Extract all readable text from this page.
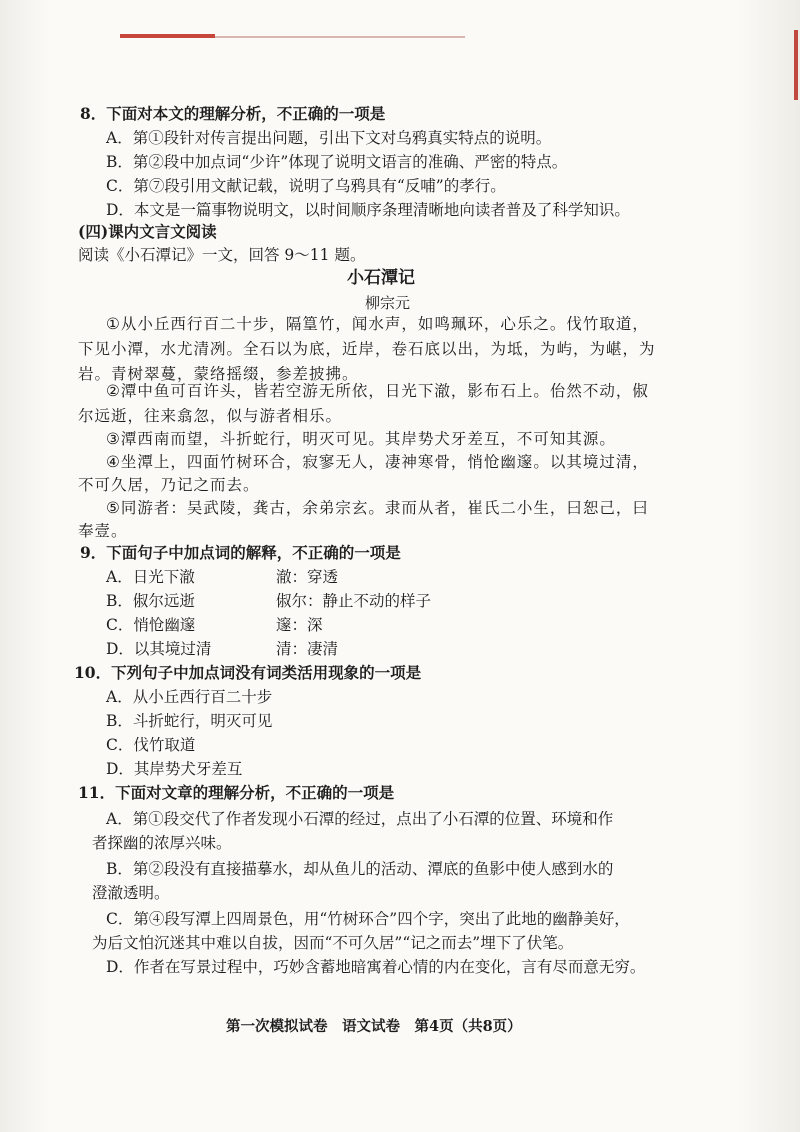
8．下面对本文的理解分析，不正确的一项是
A．第①段针对传言提出问题，引出下文对乌鸦真实特点的说明。
B．第②段中加点词“少许”体现了说明文语言的准确、严密的特点。
C．第⑦段引用文献记载，说明了乌鸦具有“反哺”的孝行。
D．本文是一篇事物说明文，以时间顺序条理清晰地向读者普及了科学知识。
(四)课内文言文阅读
阅读《小石潭记》一文，回答 9～11 题。
小石潭记
柳宗元
①从小丘西行百二十步，隔篁竹，闻水声，如鸣珮环，心乐之。伐竹取道，
下见小潭，水尤清冽。全石以为底，近岸，卷石底以出，为坻，为屿，为嵁，为
岩。青树翠蔓，蒙络摇缀，参差披拂。
②潭中鱼可百许头，皆若空游无所依，日光下澈，影布石上。佁然不动，俶
尔远逝，往来翕忽，似与游者相乐。
③潭西南而望，斗折蛇行，明灭可见。其岸势犬牙差互，不可知其源。
④坐潭上，四面竹树环合，寂寥无人，凄神寒骨，悄怆幽邃。以其境过清，
不可久居，乃记之而去。
⑤同游者：吴武陵，龚古，余弟宗玄。隶而从者，崔氏二小生，曰恕己，曰
奉壹。
9．下面句子中加点词的解释，不正确的一项是
A．日光下澈	澈：穿透
B．俶尔远逝	俶尔：静止不动的样子
C．悄怆幽邃	邃：深
D．以其境过清	清：凄清
10．下列句子中加点词没有词类活用现象的一项是
A．从小丘西行百二十步
B．斗折蛇行，明灭可见
C．伐竹取道
D．其岸势犬牙差互
11．下面对文章的理解分析，不正确的一项是
A．第①段交代了作者发现小石潭的经过，点出了小石潭的位置、环境和作
者探幽的浓厚兴味。
B．第②段没有直接描摹水，却从鱼儿的活动、潭底的鱼影中使人感到水的
澄澈透明。
C．第④段写潭上四周景色，用“竹树环合”四个字，突出了此地的幽静美好，
为后文怕沉迷其中难以自拔，因而“不可久居”“记之而去”埋下了伏笔。
D．作者在写景过程中，巧妙含蓄地暗寓着心情的内在变化，言有尽而意无穷。
第一次模拟试卷　语文试卷　第4页（共8页）
